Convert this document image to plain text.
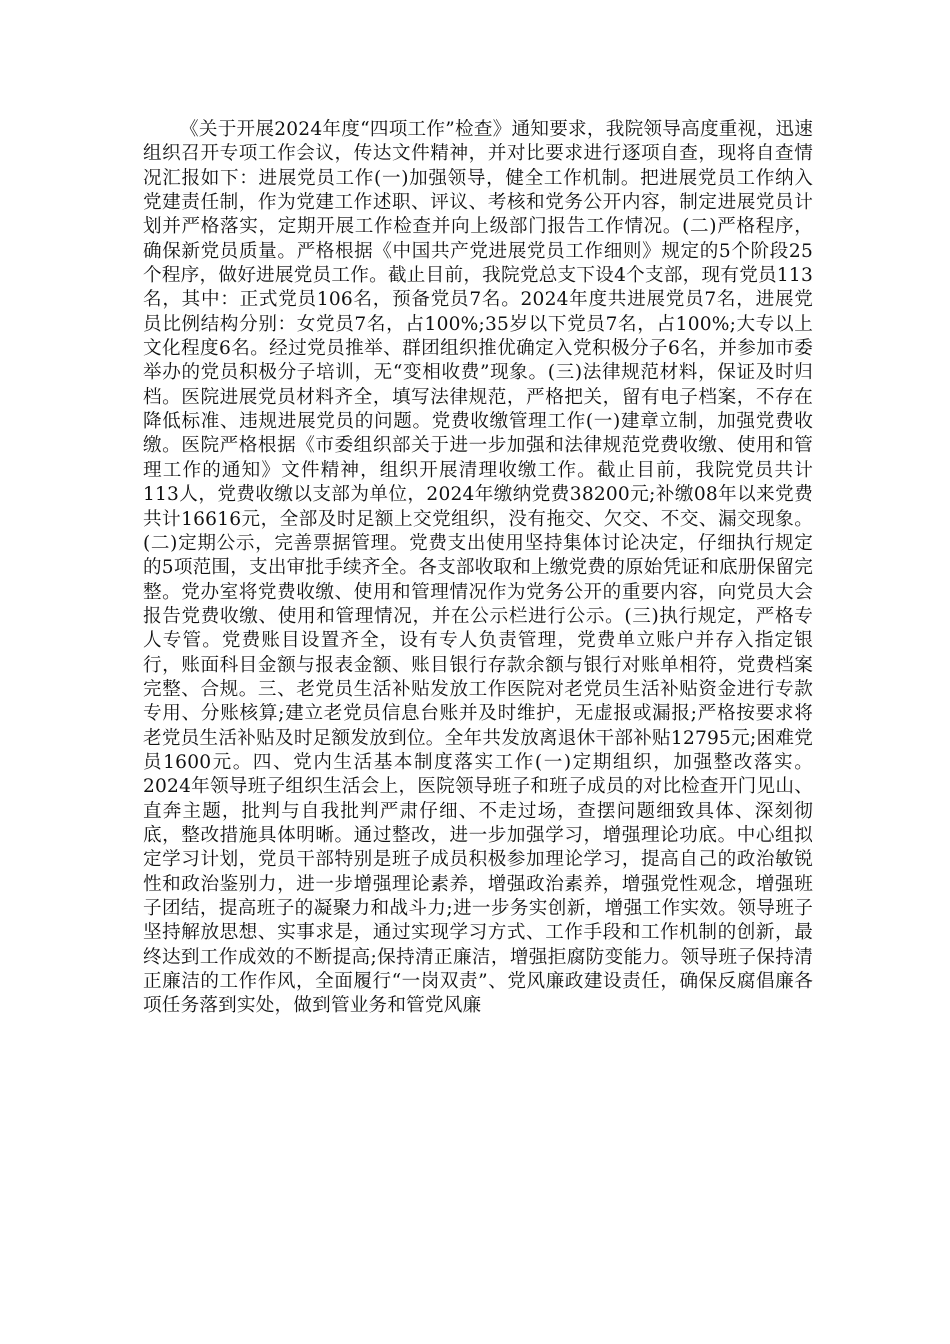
《关于开展2024年度“四项工作”检查》通知要求，我院领导高度重视，迅速组织召开专项工作会议，传达文件精神，并对比要求进行逐项自查，现将自查情况汇报如下：进展党员工作(一)加强领导，健全工作机制。把进展党员工作纳入党建责任制，作为党建工作述职、评议、考核和党务公开内容，制定进展党员计划并严格落实，定期开展工作检查并向上级部门报告工作情况。(二)严格程序，确保新党员质量。严格根据《中国共产党进展党员工作细则》规定的5个阶段25个程序，做好进展党员工作。截止目前，我院党总支下设4个支部，现有党员113名，其中：正式党员106名，预备党员7名。2024年度共进展党员7名，进展党员比例结构分别：女党员7名，占100%;35岁以下党员7名，占100%;大专以上文化程度6名。经过党员推举、群团组织推优确定入党积极分子6名，并参加市委举办的党员积极分子培训，无“变相收费”现象。(三)法律规范材料，保证及时归档。医院进展党员材料齐全，填写法律规范，严格把关，留有电子档案，不存在降低标准、违规进展党员的问题。党费收缴管理工作(一)建章立制，加强党费收缴。医院严格根据《市委组织部关于进一步加强和法律规范党费收缴、使用和管理工作的通知》文件精神，组织开展清理收缴工作。截止目前，我院党员共计113人，党费收缴以支部为单位，2024年缴纳党费38200元;补缴08年以来党费共计16616元，全部及时足额上交党组织，没有拖交、欠交、不交、漏交现象。(二)定期公示，完善票据管理。党费支出使用坚持集体讨论决定，仔细执行规定的5项范围，支出审批手续齐全。各支部收取和上缴党费的原始凭证和底册保留完整。党办室将党费收缴、使用和管理情况作为党务公开的重要内容，向党员大会报告党费收缴、使用和管理情况，并在公示栏进行公示。(三)执行规定，严格专人专管。党费账目设置齐全，设有专人负责管理，党费单立账户并存入指定银行，账面科目金额与报表金额、账目银行存款余额与银行对账单相符，党费档案完整、合规。三、老党员生活补贴发放工作医院对老党员生活补贴资金进行专款专用、分账核算;建立老党员信息台账并及时维护，无虚报或漏报;严格按要求将老党员生活补贴及时足额发放到位。全年共发放离退休干部补贴12795元;困难党员1600元。四、党内生活基本制度落实工作(一)定期组织，加强整改落实。2024年领导班子组织生活会上，医院领导班子和班子成员的对比检查开门见山、直奔主题，批判与自我批判严肃仔细、不走过场，查摆问题细致具体、深刻彻底，整改措施具体明晰。通过整改，进一步加强学习，增强理论功底。中心组拟定学习计划，党员干部特别是班子成员积极参加理论学习，提高自己的政治敏锐性和政治鉴别力，进一步增强理论素养，增强政治素养，增强党性观念，增强班子团结，提高班子的凝聚力和战斗力;进一步务实创新，增强工作实效。领导班子坚持解放思想、实事求是，通过实现学习方式、工作手段和工作机制的创新，最终达到工作成效的不断提高;保持清正廉洁，增强拒腐防变能力。领导班子保持清正廉洁的工作作风，全面履行“一岗双责”、党风廉政建设责任，确保反腐倡廉各项任务落到实处，做到管业务和管党风廉
